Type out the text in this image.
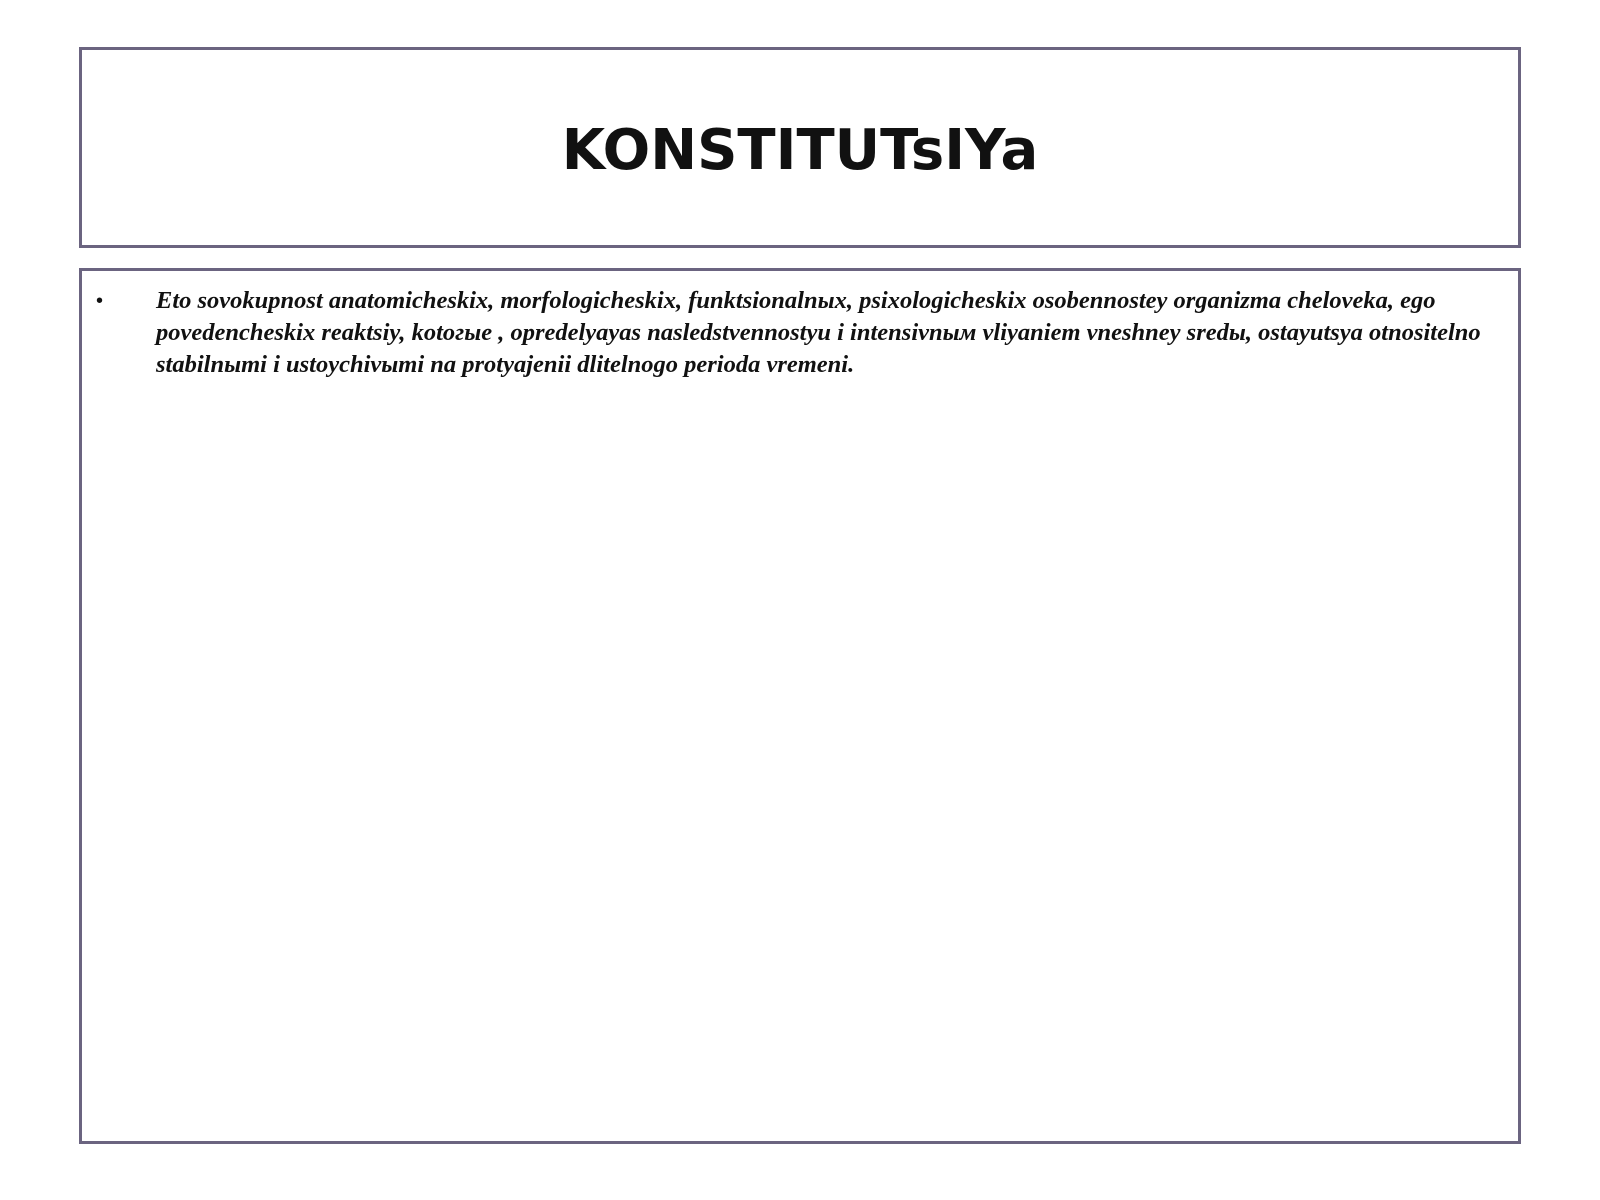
KONSTITUTsIYa
•	Eto sovokupnost anatomicheskix, morfologicheskix, funktsionalnых, psixologicheskix osobennostey organizma cheloveka, ego povedencheskix reaktsiy, kotoгые , opredelyayas nasledstvennostyu i intensivnым vliyaniem vneshney sredы, ostayutsya otnositelno stabilnыmi i ustoychivыmi na protyajenii dlitelnogo perioda vremeni.
